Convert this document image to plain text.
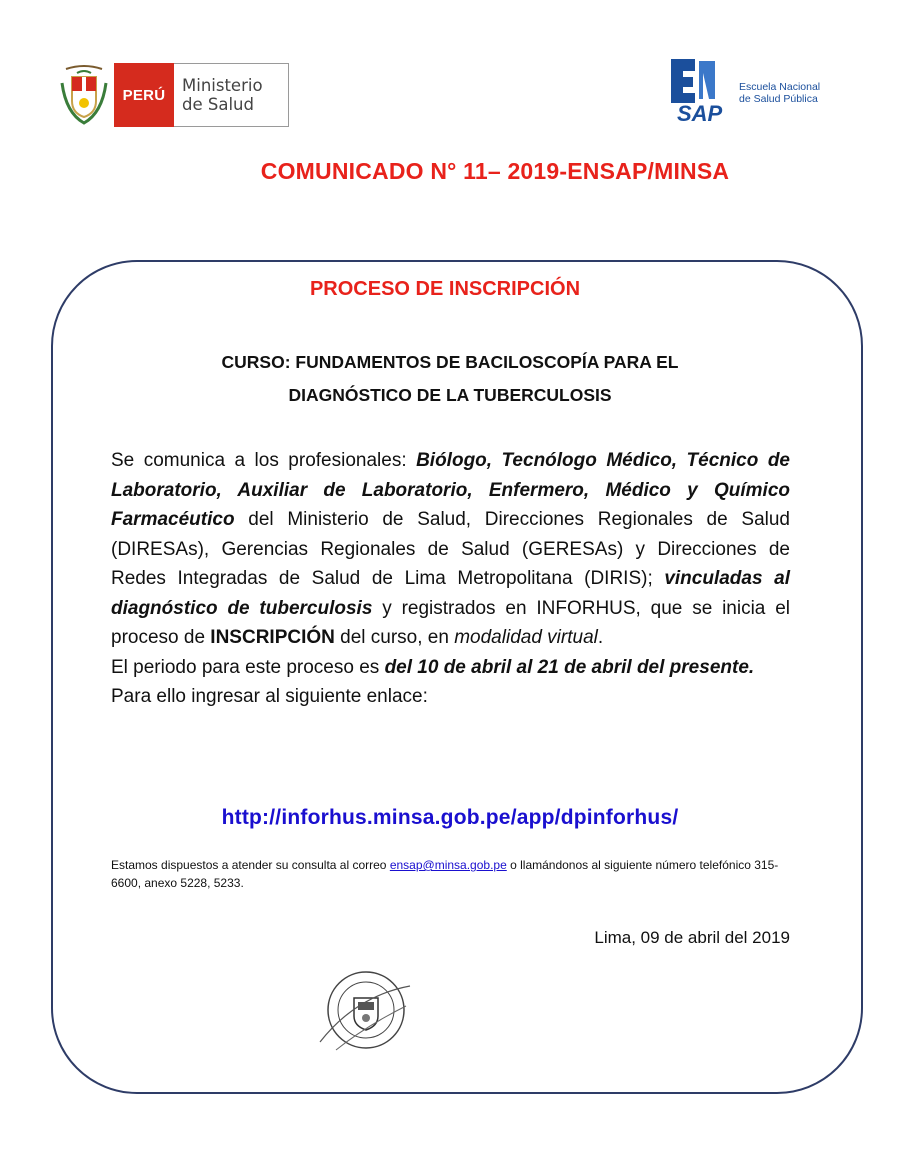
PERÚ	Ministerio
de Salud	SAP
Escuela Nacional
de Salud Pública
COMUNICADO N° 11– 2019-ENSAP/MINSA
PROCESO DE INSCRIPCIÓN
CURSO: FUNDAMENTOS DE BACILOSCOPÍA PARA EL
DIAGNÓSTICO DE LA TUBERCULOSIS

Se comunica a los profesionales: Biólogo, Tecnólogo Médico, Técnico de Laboratorio, Auxiliar de Laboratorio, Enfermero, Médico y Químico Farmacéutico del Ministerio de Salud, Direcciones Regionales de Salud (DIRESAs), Gerencias Regionales de Salud (GERESAs) y Direcciones de Redes Integradas de Salud de Lima Metropolitana (DIRIS); vinculadas al diagnóstico de tuberculosis y registrados en INFORHUS, que se inicia el proceso de INSCRIPCIÓN del curso, en modalidad virtual.

El periodo para este proceso es del 10 de abril al 21 de abril del presente.

Para ello ingresar al siguiente enlace:

http://inforhus.minsa.gob.pe/app/dpinforhus/
Estamos dispuestos a atender su consulta al correo ensap@minsa.gob.pe o llamándonos al siguiente número telefónico 315-6600, anexo 5228, 5233.
Lima, 09 de abril del 2019
